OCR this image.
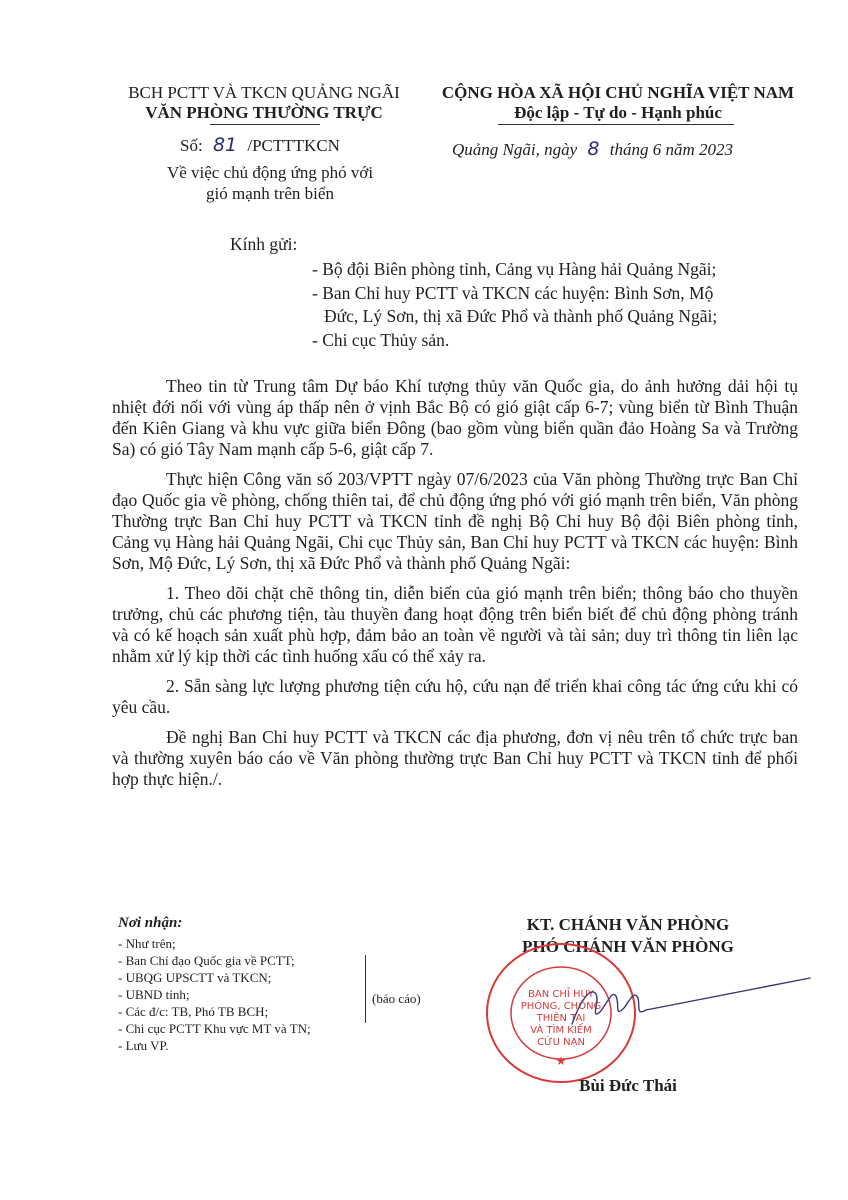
BCH PCTT VÀ TKCN QUẢNG NGÃI
VĂN PHÒNG THƯỜNG TRỰC
Số: 81 /PCTTTKCN
Về việc chủ động ứng phó với
gió mạnh trên biển
CỘNG HÒA XÃ HỘI CHỦ NGHĨA VIỆT NAM
Độc lập - Tự do - Hạnh phúc
Quảng Ngãi, ngày 8 tháng 6 năm 2023
Kính gửi:
- Bộ đội Biên phòng tỉnh, Cảng vụ Hàng hải Quảng Ngãi;
- Ban Chỉ huy PCTT và TKCN các huyện: Bình Sơn, Mộ
Đức, Lý Sơn, thị xã Đức Phổ và thành phố Quảng Ngãi;
- Chi cục Thủy sản.

Theo tin từ Trung tâm Dự báo Khí tượng thủy văn Quốc gia, do ảnh hưởng dải hội tụ nhiệt đới nối với vùng áp thấp nên ở vịnh Bắc Bộ có gió giật cấp 6-7; vùng biển từ Bình Thuận đến Kiên Giang và khu vực giữa biển Đông (bao gồm vùng biển quần đảo Hoàng Sa và Trường Sa) có gió Tây Nam mạnh cấp 5-6, giật cấp 7.

Thực hiện Công văn số 203/VPTT ngày 07/6/2023 của Văn phòng Thường trực Ban Chỉ đạo Quốc gia về phòng, chống thiên tai, để chủ động ứng phó với gió mạnh trên biển, Văn phòng Thường trực Ban Chỉ huy PCTT và TKCN tỉnh đề nghị Bộ Chỉ huy Bộ đội Biên phòng tỉnh, Cảng vụ Hàng hải Quảng Ngãi, Chi cục Thủy sản, Ban Chỉ huy PCTT và TKCN các huyện: Bình Sơn, Mộ Đức, Lý Sơn, thị xã Đức Phổ và thành phố Quảng Ngãi:

1. Theo dõi chặt chẽ thông tin, diễn biến của gió mạnh trên biển; thông báo cho thuyền trưởng, chủ các phương tiện, tàu thuyền đang hoạt động trên biển biết để chủ động phòng tránh và có kế hoạch sản xuất phù hợp, đảm bảo an toàn về người và tài sản; duy trì thông tin liên lạc nhằm xử lý kịp thời các tình huống xấu có thể xảy ra.

2. Sẵn sàng lực lượng phương tiện cứu hộ, cứu nạn để triển khai công tác ứng cứu khi có yêu cầu.

Đề nghị Ban Chỉ huy PCTT và TKCN các địa phương, đơn vị nêu trên tổ chức trực ban và thường xuyên báo cáo về Văn phòng thường trực Ban Chỉ huy PCTT và TKCN tỉnh để phối hợp thực hiện./.

Nơi nhận:
- Như trên;
- Ban Chỉ đạo Quốc gia về PCTT;
- UBQG UPSCTT và TKCN;
- UBND tỉnh;
- Các đ/c: TB, Phó TB BCH;
- Chi cục PCTT Khu vực MT và TN;
- Lưu VP.
(báo cáo)
KT. CHÁNH VĂN PHÒNG
PHÓ CHÁNH VĂN PHÒNG
★
BAN CHỈ HUY
PHÒNG, CHỐNG
THIÊN TAI
VÀ TÌM KIẾM
CỨU NẠN
Bùi Đức Thái
